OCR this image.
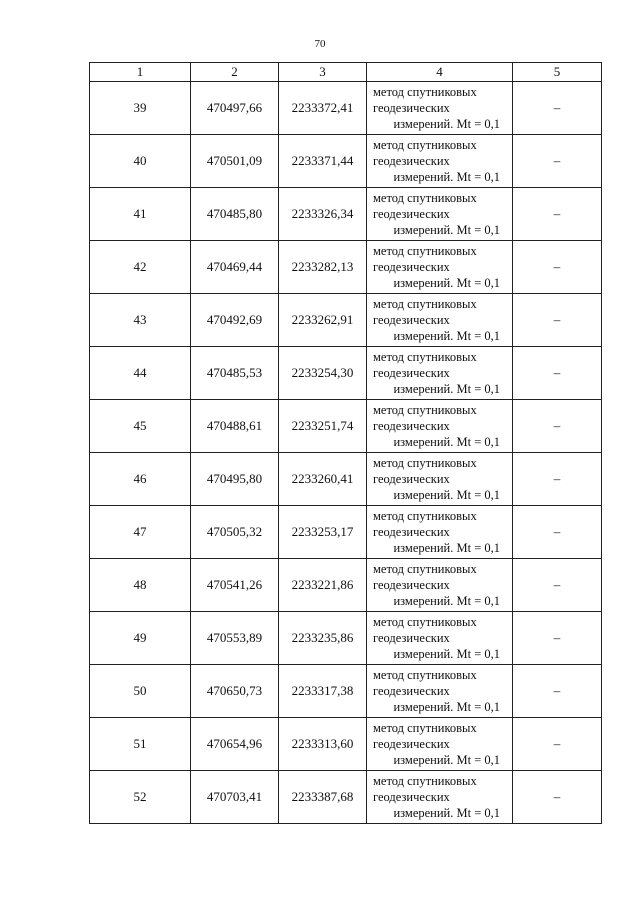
70
1	2	3	4	5
39	470497,66	2233372,41	метод спутниковых
геодезических
измерений. Mt = 0,1	–
40	470501,09	2233371,44	метод спутниковых
геодезических
измерений. Mt = 0,1	–
41	470485,80	2233326,34	метод спутниковых
геодезических
измерений. Mt = 0,1	–
42	470469,44	2233282,13	метод спутниковых
геодезических
измерений. Mt = 0,1	–
43	470492,69	2233262,91	метод спутниковых
геодезических
измерений. Mt = 0,1	–
44	470485,53	2233254,30	метод спутниковых
геодезических
измерений. Mt = 0,1	–
45	470488,61	2233251,74	метод спутниковых
геодезических
измерений. Mt = 0,1	–
46	470495,80	2233260,41	метод спутниковых
геодезических
измерений. Mt = 0,1	–
47	470505,32	2233253,17	метод спутниковых
геодезических
измерений. Mt = 0,1	–
48	470541,26	2233221,86	метод спутниковых
геодезических
измерений. Mt = 0,1	–
49	470553,89	2233235,86	метод спутниковых
геодезических
измерений. Mt = 0,1	–
50	470650,73	2233317,38	метод спутниковых
геодезических
измерений. Mt = 0,1	–
51	470654,96	2233313,60	метод спутниковых
геодезических
измерений. Mt = 0,1	–
52	470703,41	2233387,68	метод спутниковых
геодезических
измерений. Mt = 0,1	–
